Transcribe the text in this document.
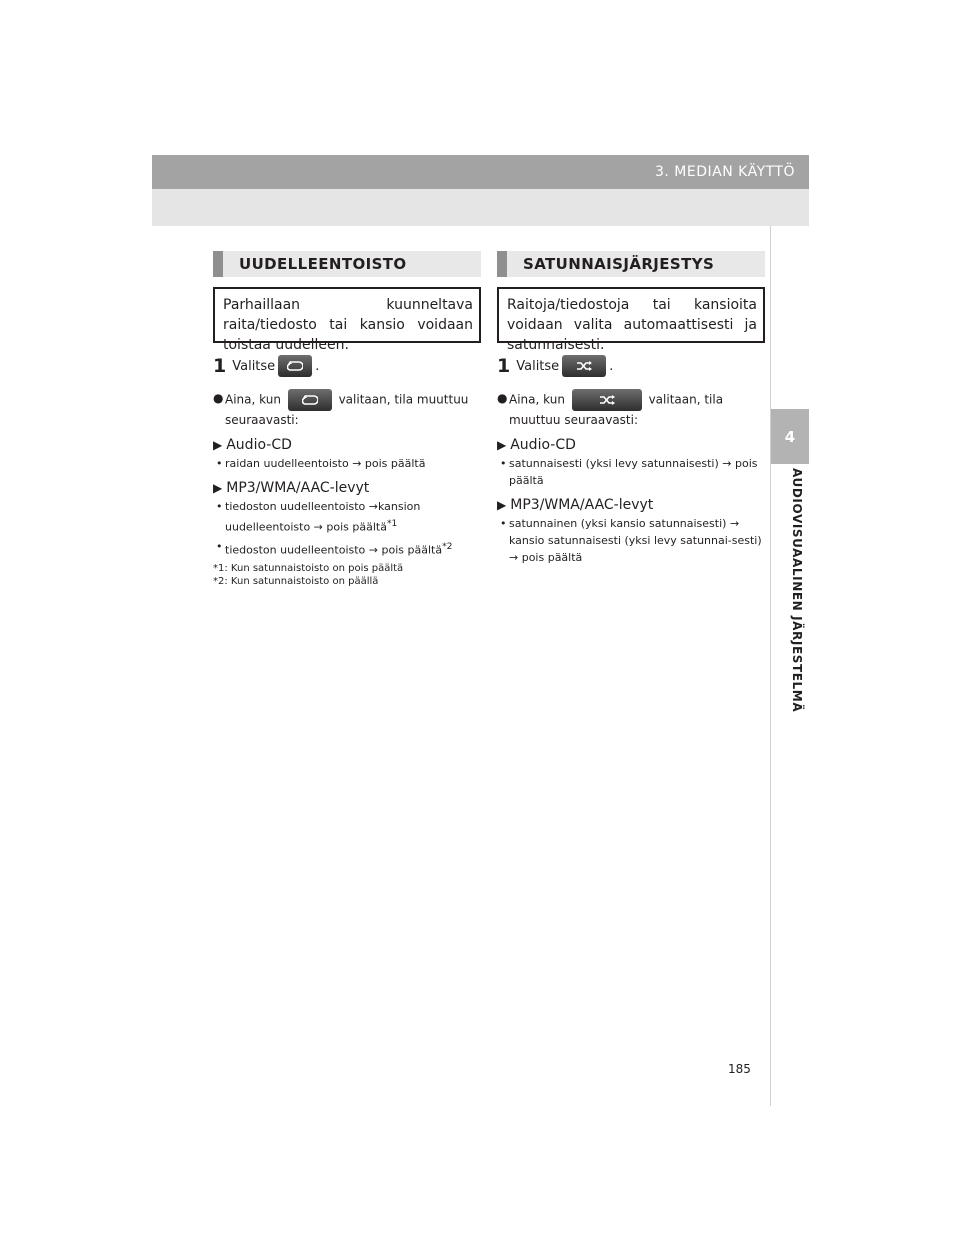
3. MEDIAN KÄYTTÖ
4
AUDIOVISUAALINEN JÄRJESTELMÄ
UUDELLEENTOISTO
Parhaillaan kuunneltava raita/tiedosto tai kansio voidaan toistaa uudelleen.
1 Valitse	.
● Aina, kun	valitaan, tila muuttuu seuraavasti:
▶ Audio-CD
• raidan uudelleentoisto → pois päältä
▶ MP3/WMA/AAC-levyt
• tiedoston uudelleentoisto →kansion uudelleentoisto → pois päältä$^{*1}$
• tiedoston uudelleentoisto → pois päältä$^{*2}$
*1: Kun satunnaistoisto on pois päältä
*2: Kun satunnaistoisto on päällä
SATUNNAISJÄRJESTYS
Raitoja/tiedostoja tai kansioita voidaan valita automaattisesti ja satunnaisesti.
1 Valitse	.
● Aina, kun	valitaan, tila muuttuu seuraavasti:
▶ Audio-CD
• satunnaisesti (yksi levy satunnaisesti) → pois päältä
▶ MP3/WMA/AAC-levyt
• satunnainen (yksi kansio satunnaisesti) → kansio satunnaisesti (yksi levy satunnai-sesti) → pois päältä
185
